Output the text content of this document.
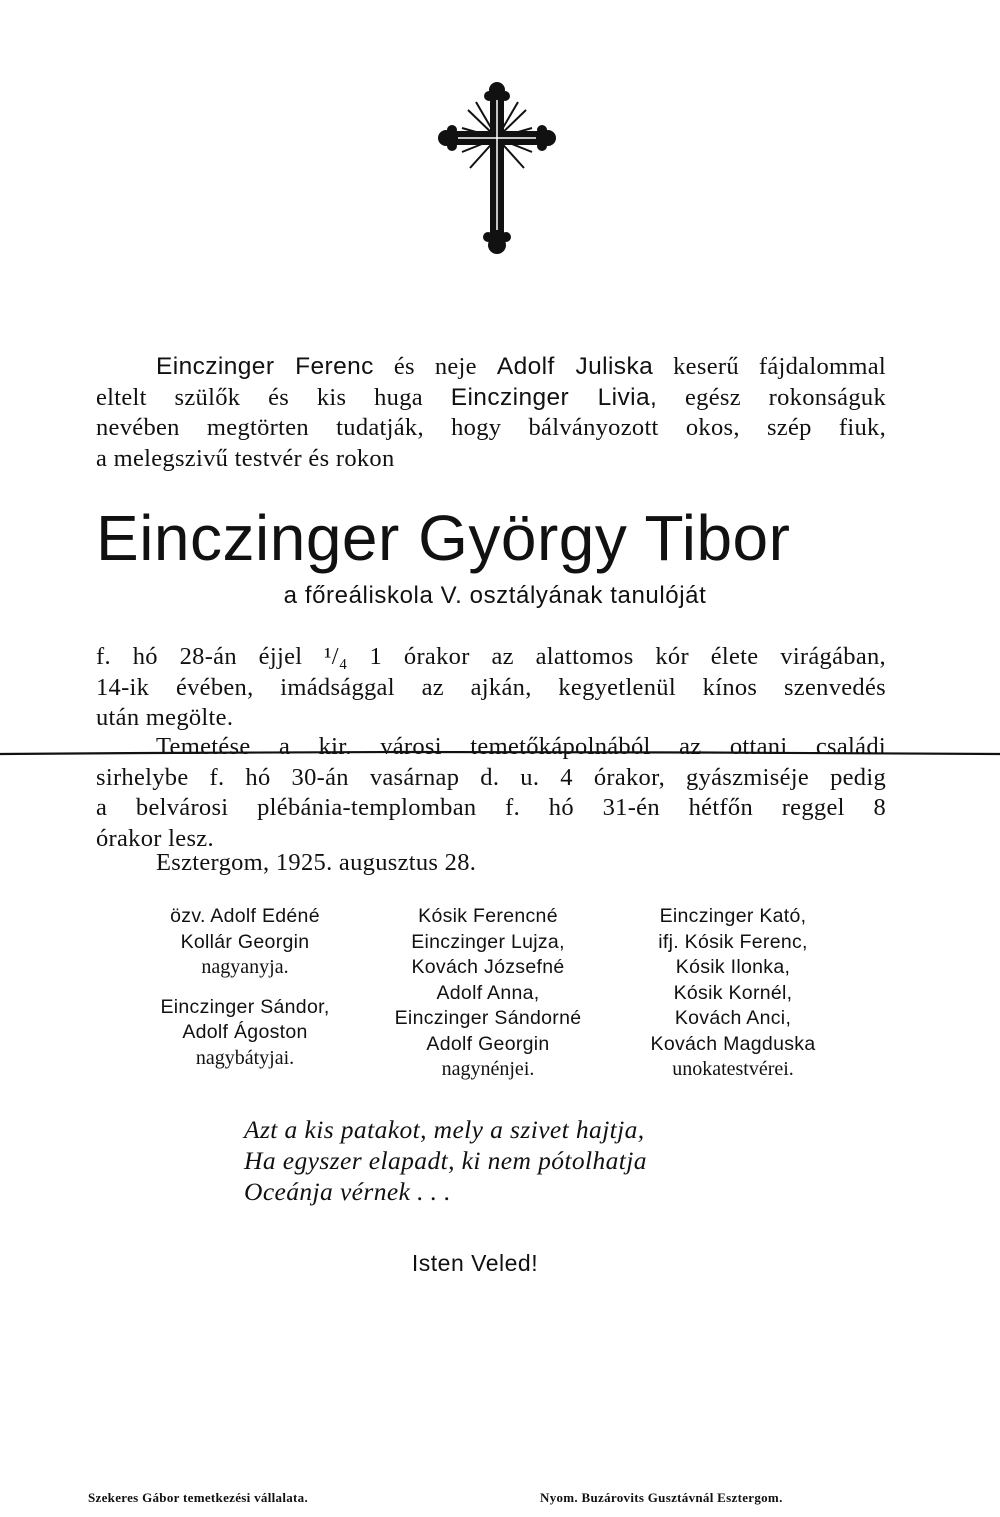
Einczinger Ferenc és neje Adolf Juliska keserű fájdalommal
eltelt szülők és kis huga Einczinger Livia, egész rokonságuk
nevében megtörten tudatják, hogy bálványozott okos, szép fiuk,
a melegszivű testvér és rokon
Einczinger György Tibor
a főreáliskola V. osztályának tanulóját
f. hó 28-án éjjel ¹/₄ 1 órakor az alattomos kór élete virágában,
14-ik évében, imádsággal az ajkán, kegyetlenül kínos szenvedés
után megölte.
Temetése a kir. városi temetőkápolnából az ottani családi
sirhelybe f. hó 30-án vasárnap d. u. 4 órakor, gyászmiséje pedig
a belvárosi plébánia-templomban f. hó 31-én hétfőn reggel 8
órakor lesz.
Esztergom, 1925. augusztus 28.
özv. Adolf Edéné
Kollár Georgin
nagyanyja.
Einczinger Sándor,
Adolf Ágoston
nagybátyjai.
Kósik Ferencné
Einczinger Lujza,
Kovách Józsefné
Adolf Anna,
Einczinger Sándorné
Adolf Georgin
nagynénjei.
Einczinger Kató,
ifj. Kósik Ferenc,
Kósik Ilonka,
Kósik Kornél,
Kovách Anci,
Kovách Magduska
unokatestvérei.
Azt a kis patakot, mely a szivet hajtja,
Ha egyszer elapadt, ki nem pótolhatja
Oceánja vérnek . . .
Isten Veled!
Szekeres Gábor temetkezési vállalata.	Nyom. Buzárovits Gusztávnál Esztergom.
